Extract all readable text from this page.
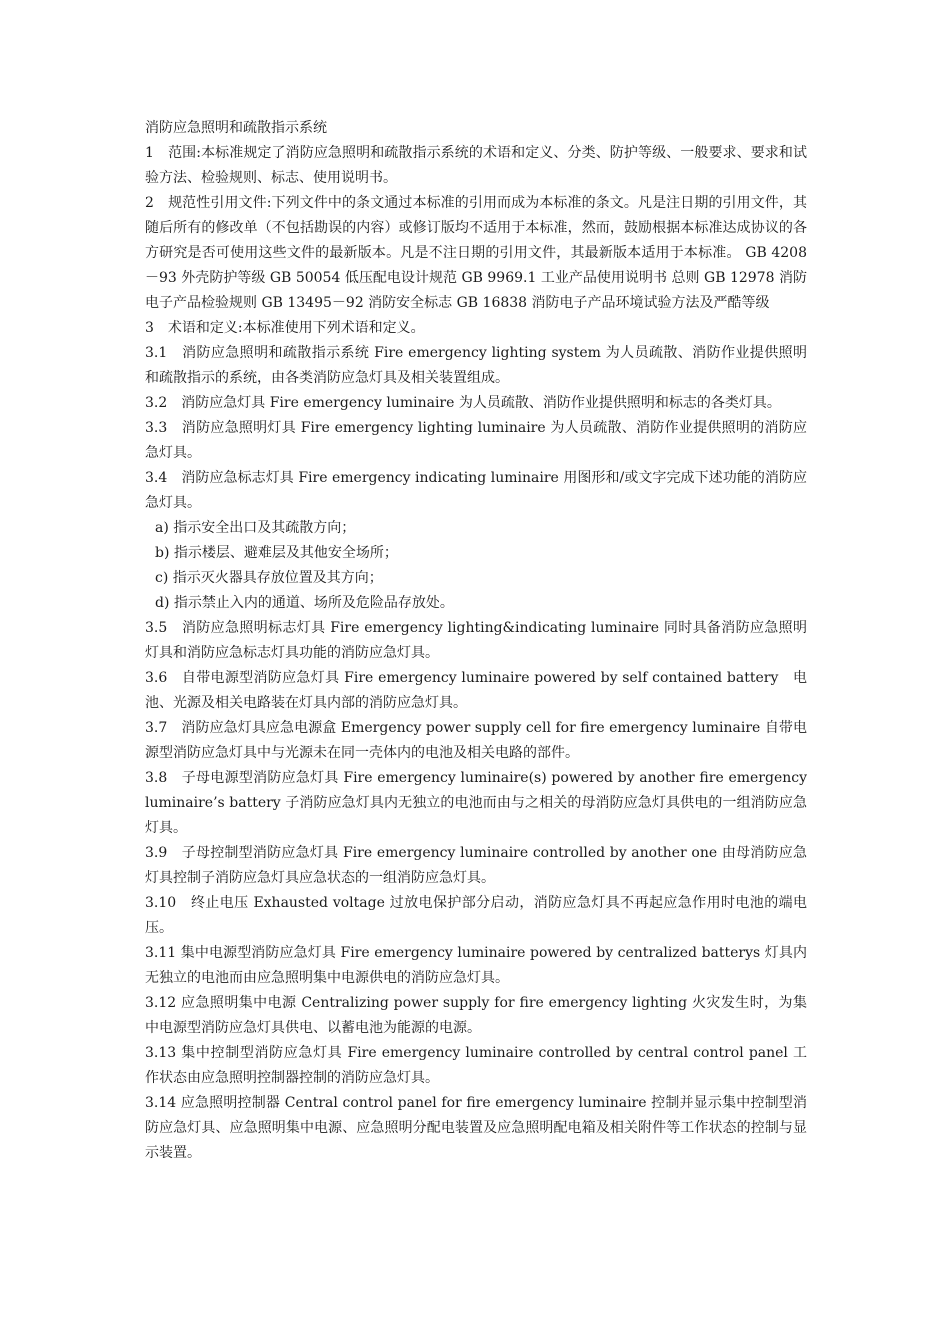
消防应急照明和疏散指示系统

1　范围:本标准规定了消防应急照明和疏散指示系统的术语和定义、分类、防护等级、一般要求、要求和试验方法、检验规则、标志、使用说明书。

2　规范性引用文件:下列文件中的条文通过本标准的引用而成为本标准的条文。凡是注日期的引用文件，其随后所有的修改单（不包括勘误的内容）或修订版均不适用于本标准，然而，鼓励根据本标准达成协议的各方研究是否可使用这些文件的最新版本。凡是不注日期的引用文件，其最新版本适用于本标准。 GB 4208－93 外壳防护等级 GB 50054 低压配电设计规范 GB 9969.1 工业产品使用说明书 总则 GB 12978 消防电子产品检验规则 GB 13495－92 消防安全标志 GB 16838 消防电子产品环境试验方法及严酷等级

3　术语和定义:本标准使用下列术语和定义。

3.1　消防应急照明和疏散指示系统 Fire emergency lighting system 为人员疏散、消防作业提供照明和疏散指示的系统，由各类消防应急灯具及相关装置组成。

3.2　消防应急灯具 Fire emergency luminaire 为人员疏散、消防作业提供照明和标志的各类灯具。

3.3　消防应急照明灯具 Fire emergency lighting luminaire 为人员疏散、消防作业提供照明的消防应急灯具。

3.4　消防应急标志灯具 Fire emergency indicating luminaire 用图形和/或文字完成下述功能的消防应急灯具。

a) 指示安全出口及其疏散方向；

b) 指示楼层、避难层及其他安全场所；

c) 指示灭火器具存放位置及其方向；

d) 指示禁止入内的通道、场所及危险品存放处。

3.5　消防应急照明标志灯具 Fire emergency lighting&indicating luminaire 同时具备消防应急照明灯具和消防应急标志灯具功能的消防应急灯具。

3.6　自带电源型消防应急灯具 Fire emergency luminaire powered by self contained battery　电池、光源及相关电路装在灯具内部的消防应急灯具。

3.7　消防应急灯具应急电源盒 Emergency power supply cell for fire emergency luminaire 自带电源型消防应急灯具中与光源未在同一壳体内的电池及相关电路的部件。

3.8　子母电源型消防应急灯具 Fire emergency luminaire(s) powered by another fire emergency luminaire’s battery 子消防应急灯具内无独立的电池而由与之相关的母消防应急灯具供电的一组消防应急灯具。

3.9　子母控制型消防应急灯具 Fire emergency luminaire controlled by another one 由母消防应急灯具控制子消防应急灯具应急状态的一组消防应急灯具。

3.10　终止电压 Exhausted voltage 过放电保护部分启动，消防应急灯具不再起应急作用时电池的端电压。

3.11 集中电源型消防应急灯具 Fire emergency luminaire powered by centralized batterys 灯具内无独立的电池而由应急照明集中电源供电的消防应急灯具。

3.12 应急照明集中电源 Centralizing power supply for fire emergency lighting 火灾发生时，为集中电源型消防应急灯具供电、以蓄电池为能源的电源。

3.13 集中控制型消防应急灯具 Fire emergency luminaire controlled by central control panel 工作状态由应急照明控制器控制的消防应急灯具。

3.14 应急照明控制器 Central control panel for fire emergency luminaire 控制并显示集中控制型消防应急灯具、应急照明集中电源、应急照明分配电装置及应急照明配电箱及相关附件等工作状态的控制与显示装置。
